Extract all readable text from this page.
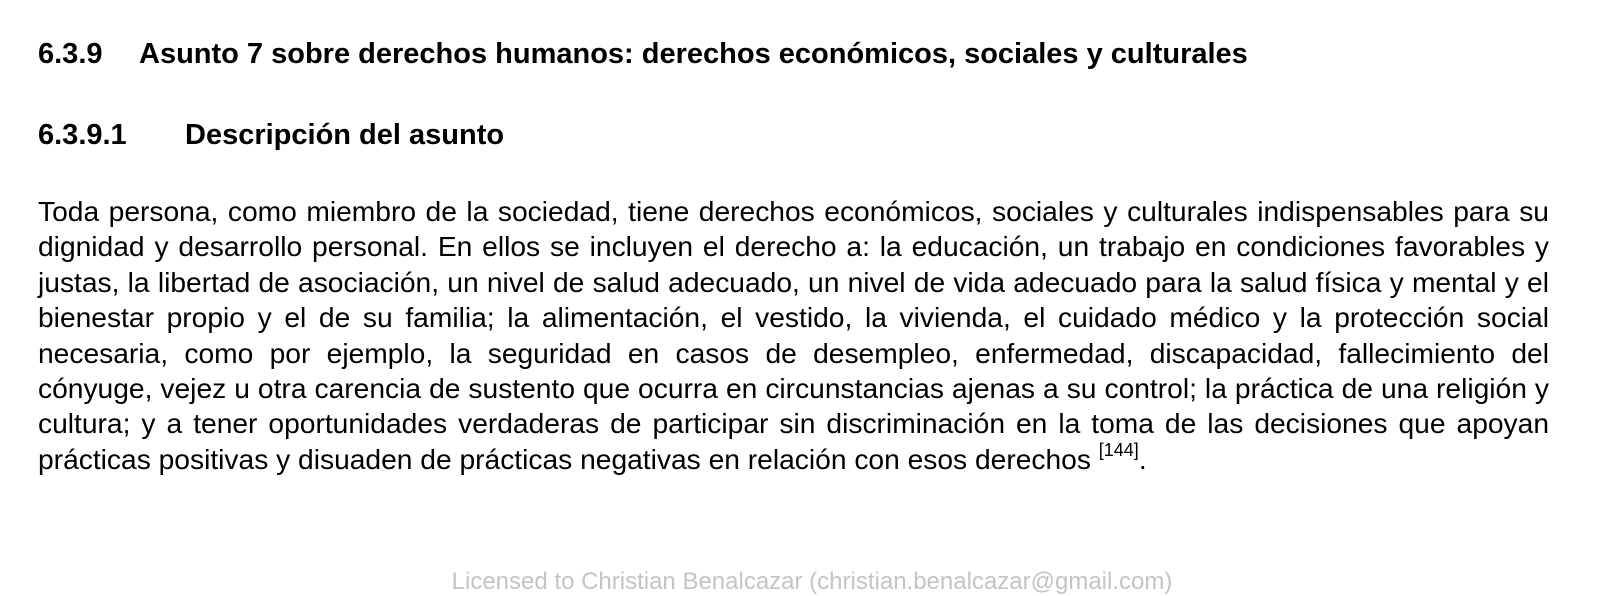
6.3.9 Asunto 7 sobre derechos humanos: derechos económicos, sociales y culturales
6.3.9.1 Descripción del asunto

Toda persona, como miembro de la sociedad, tiene derechos económicos, sociales y culturales indispensables para su dignidad y desarrollo personal. En ellos se incluyen el derecho a: la educación, un trabajo en condiciones favorables y justas, la libertad de asociación, un nivel de salud adecuado, un nivel de vida adecuado para la salud física y mental y el bienestar propio y el de su familia; la alimentación, el vestido, la vivienda, el cuidado médico y la protección social necesaria, como por ejemplo, la seguridad en casos de desempleo, enfermedad, discapacidad, fallecimiento del cónyuge, vejez u otra carencia de sustento que ocurra en circunstancias ajenas a su control; la práctica de una religión y cultura; y a tener oportunidades verdaderas de participar sin discriminación en la toma de las decisiones que apoyan prácticas positivas y disuaden de prácticas negativas en relación con esos derechos [144].

Licensed to Christian Benalcazar (christian.benalcazar@gmail.com)
